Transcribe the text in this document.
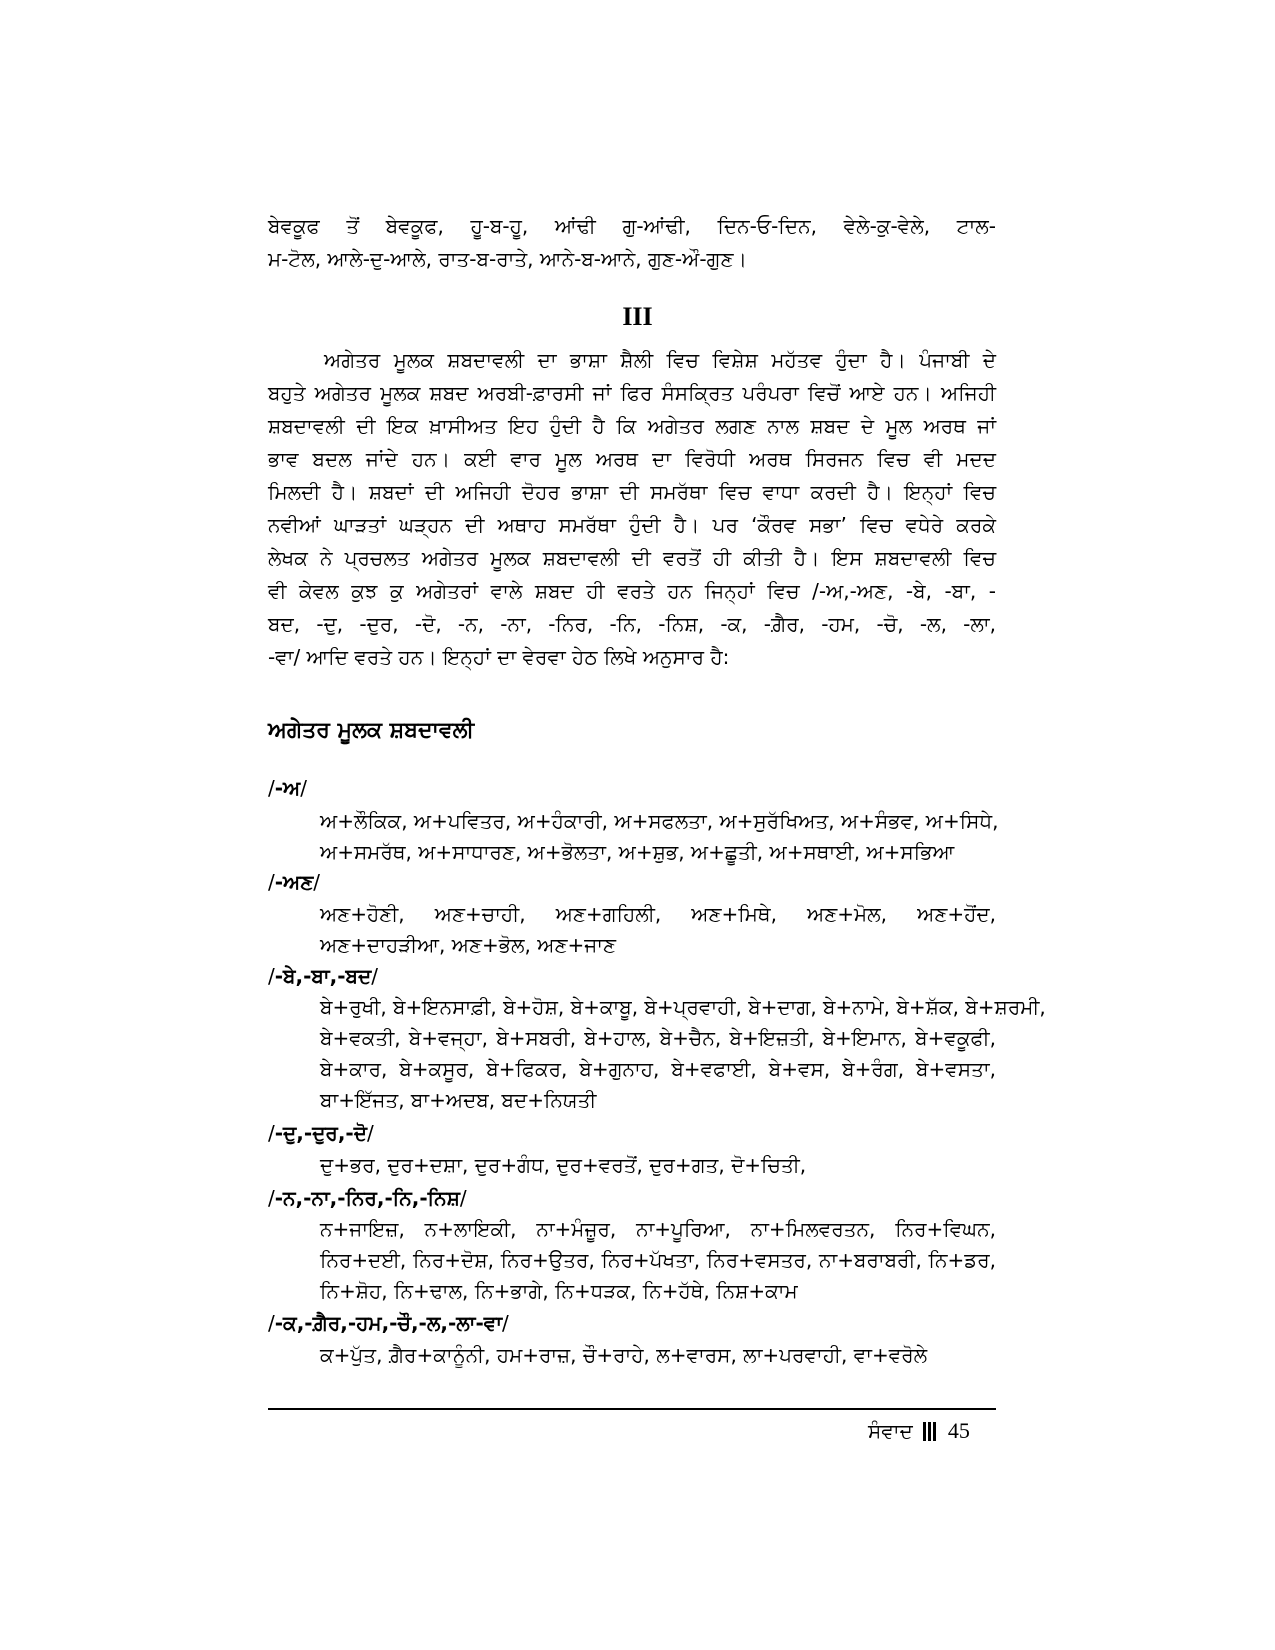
ਬੇਵਕੂਫ ਤੋਂ ਬੇਵਕੂਫ, ਹੂ-ਬ-ਹੂ, ਆਂਢੀ ਗੁ-ਆਂਢੀ, ਦਿਨ-ਓ-ਦਿਨ, ਵੇਲੇ-ਕੁ-ਵੇਲੇ, ਟਾਲ-
ਮ-ਟੋਲ, ਆਲੇ-ਦੁ-ਆਲੇ, ਰਾਤ-ਬ-ਰਾਤੇ, ਆਨੇ-ਬ-ਆਨੇ, ਗੁਣ-ਔ-ਗੁਣ।
III
ਅਗੇਤਰ ਮੂਲਕ ਸ਼ਬਦਾਵਲੀ ਦਾ ਭਾਸ਼ਾ ਸ਼ੈਲੀ ਵਿਚ ਵਿਸ਼ੇਸ਼ ਮਹੱਤਵ ਹੁੰਦਾ ਹੈ। ਪੰਜਾਬੀ ਦੇ
ਬਹੁਤੇ ਅਗੇਤਰ ਮੂਲਕ ਸ਼ਬਦ ਅਰਬੀ-ਫ਼ਾਰਸੀ ਜਾਂ ਫਿਰ ਸੰਸਕ੍ਰਿਤ ਪਰੰਪਰਾ ਵਿਚੋਂ ਆਏ ਹਨ। ਅਜਿਹੀ
ਸ਼ਬਦਾਵਲੀ ਦੀ ਇਕ ਖ਼ਾਸੀਅਤ ਇਹ ਹੁੰਦੀ ਹੈ ਕਿ ਅਗੇਤਰ ਲਗਣ ਨਾਲ ਸ਼ਬਦ ਦੇ ਮੂਲ ਅਰਥ ਜਾਂ
ਭਾਵ ਬਦਲ ਜਾਂਦੇ ਹਨ। ਕਈ ਵਾਰ ਮੂਲ ਅਰਥ ਦਾ ਵਿਰੋਧੀ ਅਰਥ ਸਿਰਜਨ ਵਿਚ ਵੀ ਮਦਦ
ਮਿਲਦੀ ਹੈ। ਸ਼ਬਦਾਂ ਦੀ ਅਜਿਹੀ ਦੋਹਰ ਭਾਸ਼ਾ ਦੀ ਸਮਰੱਥਾ ਵਿਚ ਵਾਧਾ ਕਰਦੀ ਹੈ। ਇਨ੍ਹਾਂ ਵਿਚ
ਨਵੀਆਂ ਘਾੜਤਾਂ ਘੜ੍ਹਨ ਦੀ ਅਥਾਹ ਸਮਰੱਥਾ ਹੁੰਦੀ ਹੈ। ਪਰ ‘ਕੌਰਵ ਸਭਾ’ ਵਿਚ ਵਧੇਰੇ ਕਰਕੇ
ਲੇਖਕ ਨੇ ਪ੍ਰਚਲਤ ਅਗੇਤਰ ਮੂਲਕ ਸ਼ਬਦਾਵਲੀ ਦੀ ਵਰਤੋਂ ਹੀ ਕੀਤੀ ਹੈ। ਇਸ ਸ਼ਬਦਾਵਲੀ ਵਿਚ
ਵੀ ਕੇਵਲ ਕੁਝ ਕੁ ਅਗੇਤਰਾਂ ਵਾਲੇ ਸ਼ਬਦ ਹੀ ਵਰਤੇ ਹਨ ਜਿਨ੍ਹਾਂ ਵਿਚ /-ਅ,-ਅਣ, -ਬੇ, -ਬਾ, -
ਬਦ, -ਦੁ, -ਦੁਰ, -ਦੋ, -ਨ, -ਨਾ, -ਨਿਰ, -ਨਿ, -ਨਿਸ਼, -ਕ, -ਗ਼ੈਰ, -ਹਮ, -ਚੋ, -ਲ, -ਲਾ,
-ਵਾ/ ਆਦਿ ਵਰਤੇ ਹਨ। ਇਨ੍ਹਾਂ ਦਾ ਵੇਰਵਾ ਹੇਠ ਲਿਖੇ ਅਨੁਸਾਰ ਹੈ:
ਅਗੇਤਰ ਮੂਲਕ ਸ਼ਬਦਾਵਲੀ
/-ਅ/
ਅ+ਲੌਕਿਕ, ਅ+ਪਵਿਤਰ, ਅ+ਹੰਕਾਰੀ, ਅ+ਸਫਲਤਾ, ਅ+ਸੁਰੱਖਿਅਤ, ਅ+ਸੰਭਵ, ਅ+ਸਿਧੇ,
ਅ+ਸਮਰੱਥ, ਅ+ਸਾਧਾਰਣ, ਅ+ਭੋਲਤਾ, ਅ+ਸ਼ੁਭ, ਅ+ਛੂਤੀ, ਅ+ਸਥਾਈ, ਅ+ਸਭਿਆ
/-ਅਣ/
ਅਣ+ਹੋਣੀ, ਅਣ+ਚਾਹੀ, ਅਣ+ਗਹਿਲੀ, ਅਣ+ਮਿਥੇ, ਅਣ+ਮੋਲ, ਅਣ+ਹੋਂਦ,
ਅਣ+ਦਾਹੜੀਆ, ਅਣ+ਭੋਲ, ਅਣ+ਜਾਣ
/-ਬੇ,-ਬਾ,-ਬਦ/
ਬੇ+ਰੁਖੀ, ਬੇ+ਇਨਸਾਫ਼ੀ, ਬੇ+ਹੋਸ਼, ਬੇ+ਕਾਬੂ, ਬੇ+ਪ੍ਰਵਾਹੀ, ਬੇ+ਦਾਗ, ਬੇ+ਨਾਮੇ, ਬੇ+ਸ਼ੱਕ, ਬੇ+ਸ਼ਰਮੀ,
ਬੇ+ਵਕਤੀ, ਬੇ+ਵਜ੍ਹਾ, ਬੇ+ਸਬਰੀ, ਬੇ+ਹਾਲ, ਬੇ+ਚੈਨ, ਬੇ+ਇਜ਼ਤੀ, ਬੇ+ਇਮਾਨ, ਬੇ+ਵਕੂਫੀ,
ਬੇ+ਕਾਰ, ਬੇ+ਕਸੂਰ, ਬੇ+ਫਿਕਰ, ਬੇ+ਗੁਨਾਹ, ਬੇ+ਵਫਾਈ, ਬੇ+ਵਸ, ਬੇ+ਰੰਗ, ਬੇ+ਵਸਤਾ,
ਬਾ+ਇੱਜਤ, ਬਾ+ਅਦਬ, ਬਦ+ਨਿਯਤੀ
/-ਦੁ,-ਦੁਰ,-ਦੋ/
ਦੁ+ਭਰ, ਦੁਰ+ਦਸ਼ਾ, ਦੁਰ+ਗੰਧ, ਦੁਰ+ਵਰਤੋਂ, ਦੁਰ+ਗਤ, ਦੋ+ਚਿਤੀ,
/-ਨ,-ਨਾ,-ਨਿਰ,-ਨਿ,-ਨਿਸ਼/
ਨ+ਜਾਇਜ਼, ਨ+ਲਾਇਕੀ, ਨਾ+ਮੰਜ਼ੂਰ, ਨਾ+ਪੂਰਿਆ, ਨਾ+ਮਿਲਵਰਤਨ, ਨਿਰ+ਵਿਘਨ,
ਨਿਰ+ਦਈ, ਨਿਰ+ਦੋਸ਼, ਨਿਰ+ਉਤਰ, ਨਿਰ+ਪੱਖਤਾ, ਨਿਰ+ਵਸਤਰ, ਨਾ+ਬਰਾਬਰੀ, ਨਿ+ਡਰ,
ਨਿ+ਸ਼ੋਹ, ਨਿ+ਢਾਲ, ਨਿ+ਭਾਗੇ, ਨਿ+ਧੜਕ, ਨਿ+ਹੱਥੇ, ਨਿਸ਼+ਕਾਮ
/-ਕ,-ਗ਼ੈਰ,-ਹਮ,-ਚੌ,-ਲ,-ਲਾ-ਵਾ/
ਕ+ਪੁੱਤ, ਗ਼ੈਰ+ਕਾਨੂੰਨੀ, ਹਮ+ਰਾਜ਼, ਚੌ+ਰਾਹੇ, ਲ+ਵਾਰਸ, ਲਾ+ਪਰਵਾਹੀ, ਵਾ+ਵਰੋਲੇ
ਸੰਵਾਦ 45
